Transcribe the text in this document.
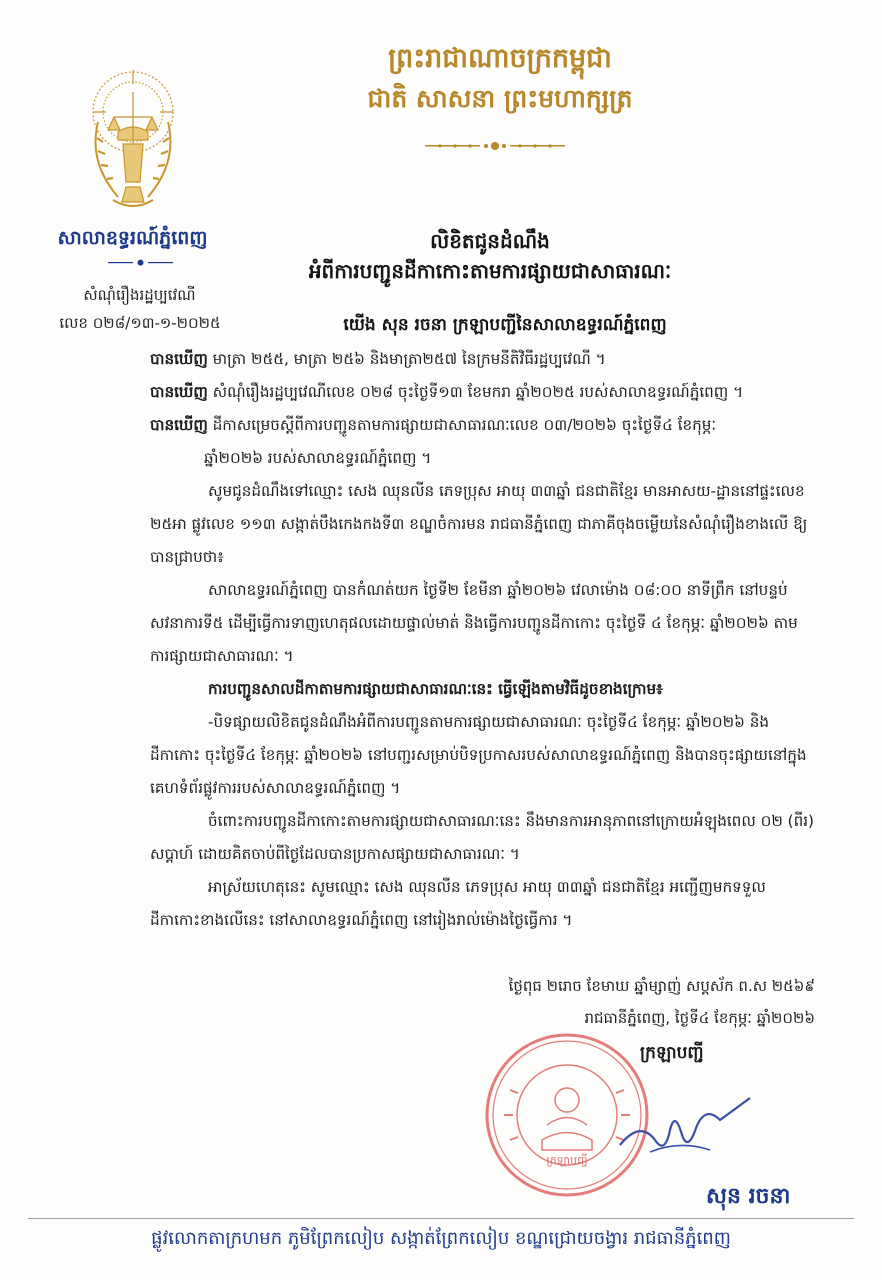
ព្រះរាជាណាចក្រកម្ពុជា
ជាតិ សាសនា ព្រះមហាក្សត្រ
សាលាឧទ្ធរណ៍ភ្នំពេញ
សំណុំរឿងរដ្ឋប្បវេណី
លេខ ០២៨/១៣-១-២០២៥
លិខិតជូនដំណឹង
អំពីការបញ្ជូនដីកាកោះតាមការផ្សាយជាសាធារណៈ
យើង សុន រចនា ក្រឡាបញ្ជីនៃសាលាឧទ្ធរណ៍ភ្នំពេញ

បានឃើញ មាត្រា ២៥៥, មាត្រា ២៥៦ និងមាត្រា២៥៧ នៃក្រមនីតិវិធីរដ្ឋប្បវេណី ។

បានឃើញ សំណុំរឿងរដ្ឋប្បវេណីលេខ ០២៨ ចុះថ្ងៃទី១៣ ខែមករា ឆ្នាំ២០២៥ របស់សាលាឧទ្ធរណ៍ភ្នំពេញ ។

បានឃើញ ដីកាសម្រេចស្ដីពីការបញ្ជូនតាមការផ្សាយជាសាធារណៈលេខ ០៣/២០២៦ ចុះថ្ងៃទី៤ ខែកុម្ភៈ

ឆ្នាំ២០២៦ របស់សាលាឧទ្ធរណ៍ភ្នំពេញ ។

សូមជូនដំណឹងទៅឈ្មោះ សេង ឈុនលីន ភេទប្រុស អាយុ ៣៣ឆ្នាំ ជនជាតិខ្មែរ មានអាសយ-ដ្ឋាននៅផ្ទះលេខ ២៥អា ផ្លូវលេខ ១១៣ សង្កាត់បឹងកេងកងទី៣ ខណ្ឌចំការមន រាជធានីភ្នំពេញ ជាភាគីចុងចម្លើយនៃសំណុំរឿងខាងលើ ឱ្យបានជ្រាបថា៖

សាលាឧទ្ធរណ៍ភ្នំពេញ បានកំណត់យក ថ្ងៃទី២ ខែមីនា ឆ្នាំ២០២៦ វេលាម៉ោង ០៨:០០ នាទីព្រឹក នៅបន្ទប់សវនាការទី៥ ដើម្បីធ្វើការទាញហេតុផលដោយផ្ទាល់មាត់ និងធ្វើការបញ្ជូនដីកាកោះ ចុះថ្ងៃទី ៤ ខែកុម្ភៈ ឆ្នាំ២០២៦ តាមការផ្សាយជាសាធារណៈ ។

ការបញ្ជូនសាលដីកាតាមការផ្សាយជាសាធារណៈនេះ ធ្វើឡើងតាមវិធីដូចខាងក្រោម៖

-បិទផ្សាយលិខិតជូនដំណឹងអំពីការបញ្ជូនតាមការផ្សាយជាសាធារណៈ ចុះថ្ងៃទី៤ ខែកុម្ភៈ ឆ្នាំ២០២៦ និងដីកាកោះ ចុះថ្ងៃទី៤ ខែកុម្ភៈ ឆ្នាំ២០២៦ នៅបញ្ជរសម្រាប់បិទប្រកាសរបស់សាលាឧទ្ធរណ៍ភ្នំពេញ និងបានចុះផ្សាយនៅក្នុងគេហទំព័រផ្លូវការរបស់សាលាឧទ្ធរណ៍ភ្នំពេញ ។

ចំពោះការបញ្ជូនដីកាកោះតាមការផ្សាយជាសាធារណៈនេះ នឹងមានការអានុភាពនៅក្រោយអំឡុងពេល ០២ (ពីរ) សប្ដាហ៍ ដោយគិតចាប់ពីថ្ងៃដែលបានប្រកាសផ្សាយជាសាធារណៈ ។

អាស្រ័យហេតុនេះ សូមឈ្មោះ សេង ឈុនលីន ភេទប្រុស អាយុ ៣៣ឆ្នាំ ជនជាតិខ្មែរ អញ្ជើញមកទទួលដីកាកោះខាងលើនេះ នៅសាលាឧទ្ធរណ៍ភ្នំពេញ នៅរៀងរាល់ម៉ោងថ្ងៃធ្វើការ ។

ថ្ងៃពុធ ២រោច ខែមាឃ ឆ្នាំម្សាញ់ សប្តស័ក ព.ស ២៥៦៩
រាជធានីភ្នំពេញ, ថ្ងៃទី៤ ខែកុម្ភៈ ឆ្នាំ២០២៦
ក្រឡាបញ្ជី
ក្រឡាបញ្ជី
សុន រចនា
ផ្លូវលោកតាក្រហមក ភូមិព្រែកលៀប សង្កាត់ព្រែកលៀប ខណ្ឌជ្រោយចង្វារ រាជធានីភ្នំពេញ
